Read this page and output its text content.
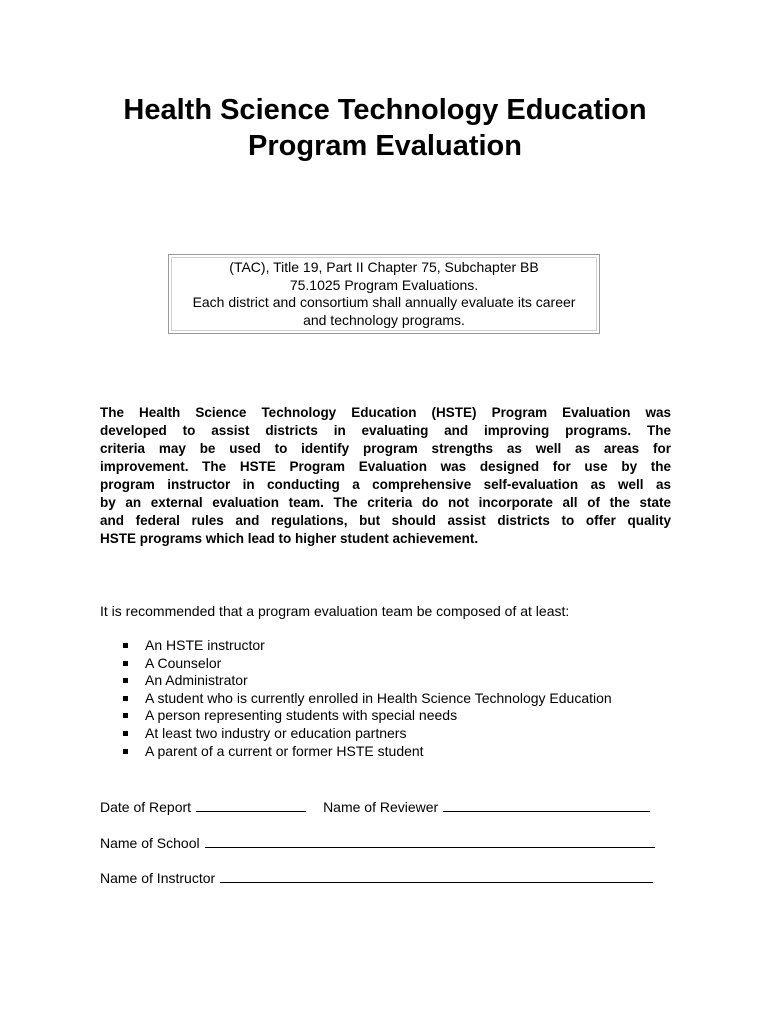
Health Science Technology Education
Program Evaluation
(TAC), Title 19, Part II Chapter 75, Subchapter BB
75.1025 Program Evaluations.
Each district and consortium shall annually evaluate its career
and technology programs.
The Health Science Technology Education (HSTE) Program Evaluation was
developed to assist districts in evaluating and improving programs. The
criteria may be used to identify program strengths as well as areas for
improvement. The HSTE Program Evaluation was designed for use by the
program instructor in conducting a comprehensive self-evaluation as well as
by an external evaluation team. The criteria do not incorporate all of the state
and federal rules and regulations, but should assist districts to offer quality
HSTE programs which lead to higher student achievement.
It is recommended that a program evaluation team be composed of at least:
An HSTE instructor
A Counselor
An Administrator
A student who is currently enrolled in Health Science Technology Education
A person representing students with special needs
At least two industry or education partners
A parent of a current or former HSTE student
Date of Report	Name of Reviewer
Name of School
Name of Instructor
